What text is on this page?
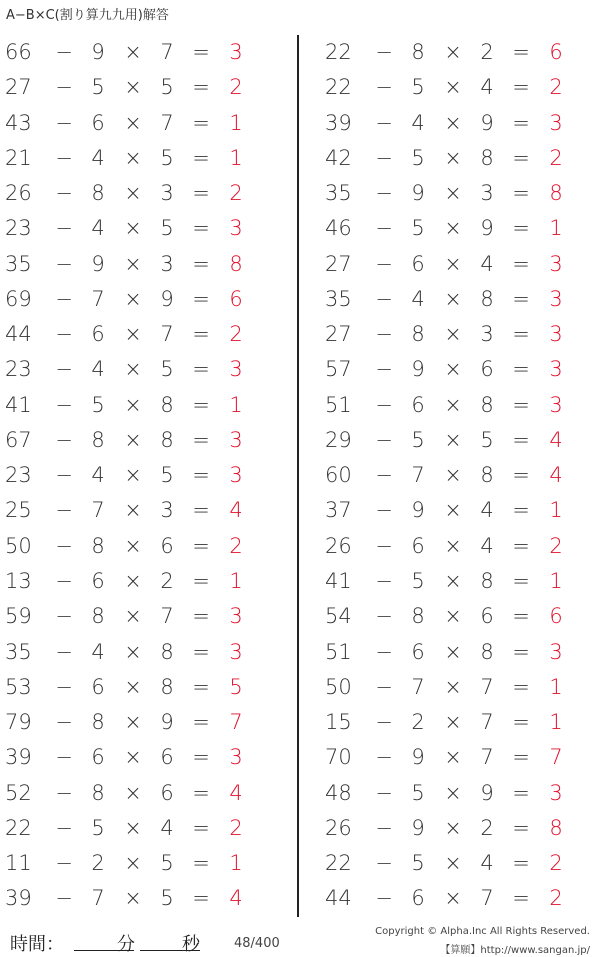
A−B×C(割り算九九用)解答
66	− 9 × 7 = 3
27	− 5 × 5 = 2
43	− 6 × 7 = 1
21	− 4 × 5 = 1
26	− 8 × 3 = 2
23	− 4 × 5 = 3
35	− 9 × 3 = 8
69	− 7 × 9 = 6
44	− 6 × 7 = 2
23	− 4 × 5 = 3
41	− 5 × 8 = 1
67	− 8 × 8 = 3
23	− 4 × 5 = 3
25	− 7 × 3 = 4
50	− 8 × 6 = 2
13	− 6 × 2 = 1
59	− 8 × 7 = 3
35	− 4 × 8 = 3
53	− 6 × 8 = 5
79	− 8 × 9 = 7
39	− 6 × 6 = 3
52	− 8 × 6 = 4
22	− 5 × 4 = 2
11	− 2 × 5 = 1
39	− 7 × 5 = 4
22	− 8 × 2 = 6
22	− 5 × 4 = 2
39	− 4 × 9 = 3
42	− 5 × 8 = 2
35	− 9 × 3 = 8
46	− 5 × 9 = 1
27	− 6 × 4 = 3
35	− 4 × 8 = 3
27	− 8 × 3 = 3
57	− 9 × 6 = 3
51	− 6 × 8 = 3
29	− 5 × 5 = 4
60	− 7 × 8 = 4
37	− 9 × 4 = 1
26	− 6 × 4 = 2
41	− 5 × 8 = 1
54	− 8 × 6 = 6
51	− 6 × 8 = 3
50	− 7 × 7 = 1
15	− 2 × 7 = 1
70	− 9 × 7 = 7
48	− 5 × 9 = 3
26	− 9 × 2 = 8
22	− 5 × 4 = 2
44	− 6 × 7 = 2
時間：	分	秒	48/400
Copyright © Alpha.Inc All Rights Reserved.
【算願】http://www.sangan.jp/
